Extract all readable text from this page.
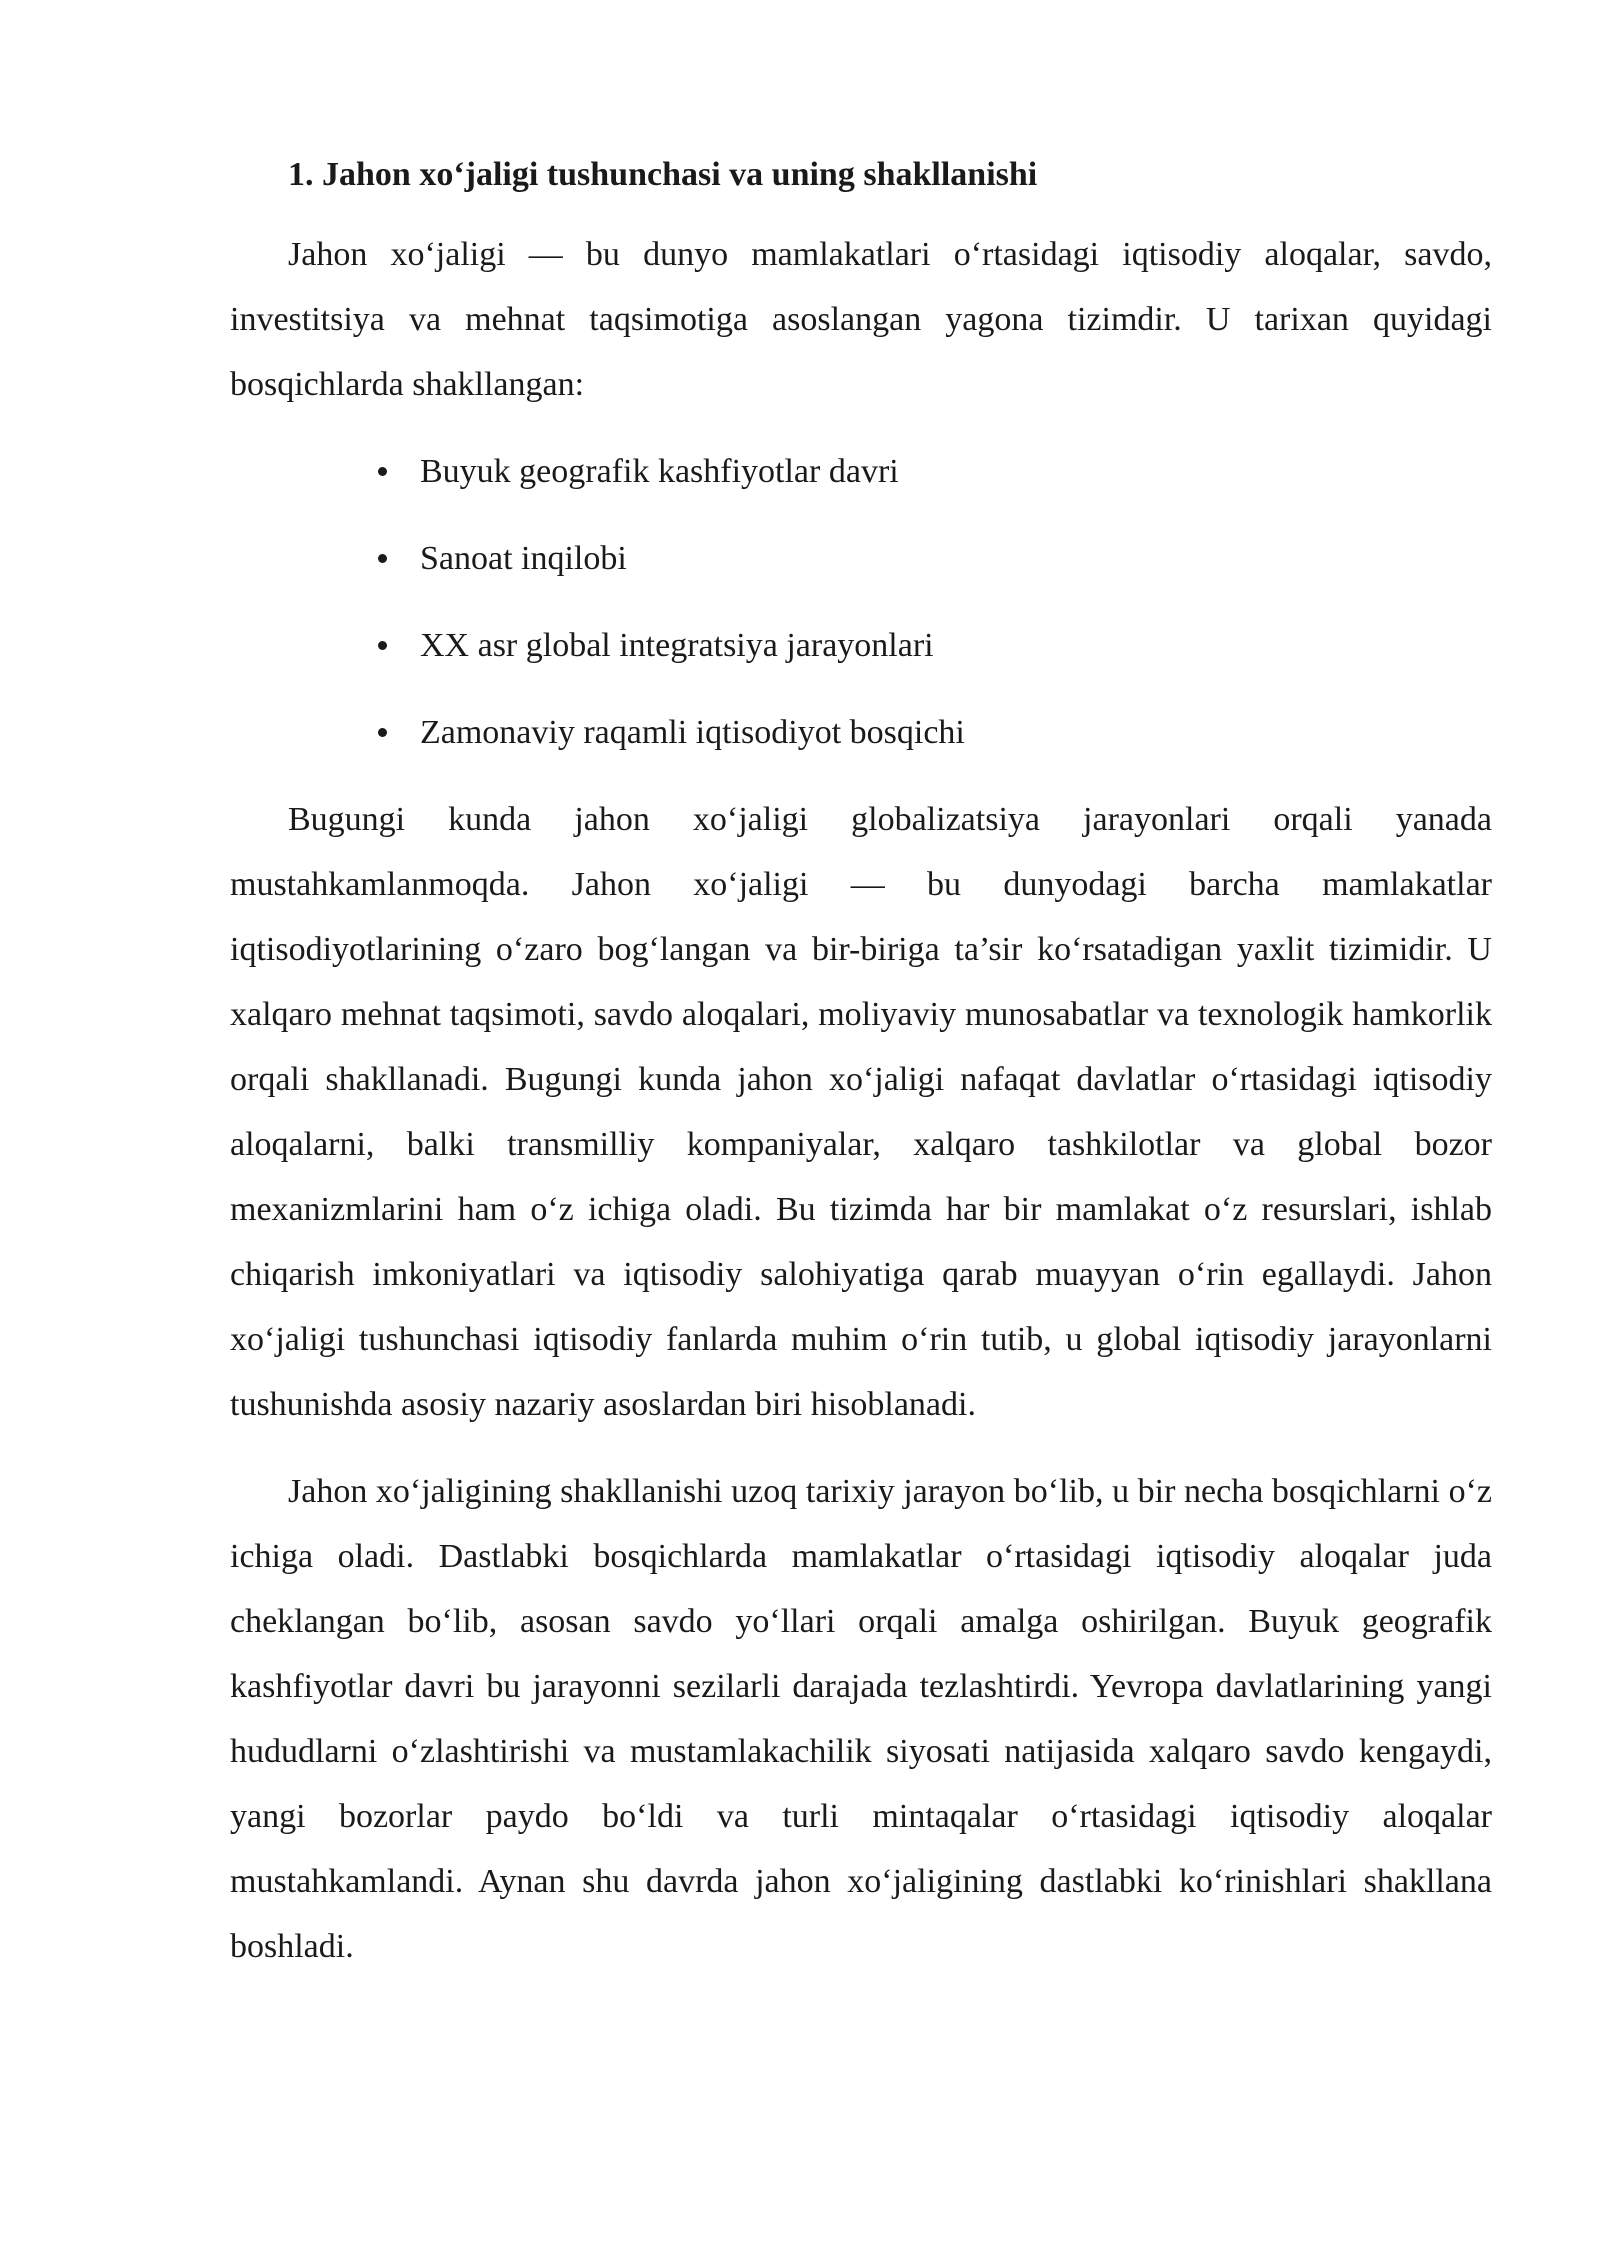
1. Jahon xo‘jaligi tushunchasi va uning shakllanishi

Jahon xo‘jaligi — bu dunyo mamlakatlari o‘rtasidagi iqtisodiy aloqalar, savdo, investitsiya va mehnat taqsimotiga asoslangan yagona tizimdir. U tarixan quyidagi bosqichlarda shakllangan:

Buyuk geografik kashfiyotlar davri
Sanoat inqilobi
XX asr global integratsiya jarayonlari
Zamonaviy raqamli iqtisodiyot bosqichi

Bugungi kunda jahon xo‘jaligi globalizatsiya jarayonlari orqali yanada mustahkamlanmoqda. Jahon xo‘jaligi — bu dunyodagi barcha mamlakatlar iqtisodiyotlarining o‘zaro bog‘langan va bir-biriga ta’sir ko‘rsatadigan yaxlit tizimidir. U xalqaro mehnat taqsimoti, savdo aloqalari, moliyaviy munosabatlar va texnologik hamkorlik orqali shakllanadi. Bugungi kunda jahon xo‘jaligi nafaqat davlatlar o‘rtasidagi iqtisodiy aloqalarni, balki transmilliy kompaniyalar, xalqaro tashkilotlar va global bozor mexanizmlarini ham o‘z ichiga oladi. Bu tizimda har bir mamlakat o‘z resurslari, ishlab chiqarish imkoniyatlari va iqtisodiy salohiyatiga qarab muayyan o‘rin egallaydi. Jahon xo‘jaligi tushunchasi iqtisodiy fanlarda muhim o‘rin tutib, u global iqtisodiy jarayonlarni tushunishda asosiy nazariy asoslardan biri hisoblanadi.

Jahon xo‘jaligining shakllanishi uzoq tarixiy jarayon bo‘lib, u bir necha bosqichlarni o‘z ichiga oladi. Dastlabki bosqichlarda mamlakatlar o‘rtasidagi iqtisodiy aloqalar juda cheklangan bo‘lib, asosan savdo yo‘llari orqali amalga oshirilgan. Buyuk geografik kashfiyotlar davri bu jarayonni sezilarli darajada tezlashtirdi. Yevropa davlatlarining yangi hududlarni o‘zlashtirishi va mustamlakachilik siyosati natijasida xalqaro savdo kengaydi, yangi bozorlar paydo bo‘ldi va turli mintaqalar o‘rtasidagi iqtisodiy aloqalar mustahkamlandi. Aynan shu davrda jahon xo‘jaligining dastlabki ko‘rinishlari shakllana boshladi.
